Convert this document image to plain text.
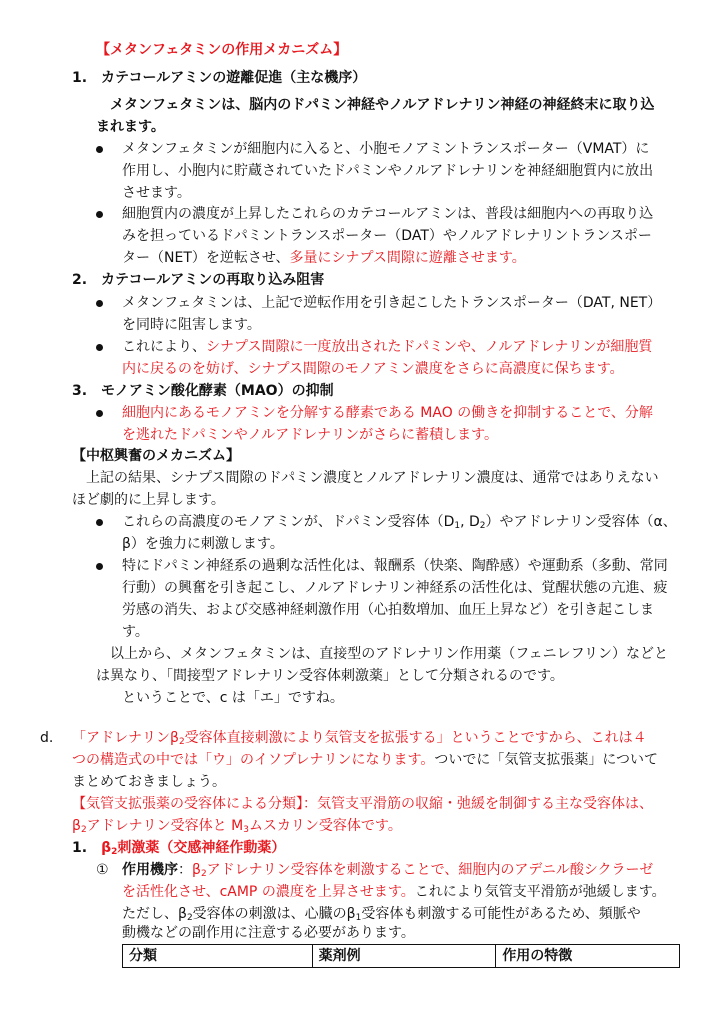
【メタンフェタミンの作用メカニズム】
1.　カテコールアミンの遊離促進（主な機序）
メタンフェタミンは、脳内のドパミン神経やノルアドレナリン神経の神経終末に取り込
まれます。
メタンフェタミンが細胞内に入ると、小胞モノアミントランスポーター（VMAT）に
作用し、小胞内に貯蔵されていたドパミンやノルアドレナリンを神経細胞質内に放出
させます。
細胞質内の濃度が上昇したこれらのカテコールアミンは、普段は細胞内への再取り込
みを担っているドパミントランスポーター（DAT）やノルアドレナリントランスポー
ター（NET）を逆転させ、多量にシナプス間隙に遊離させます。
2.　カテコールアミンの再取り込み阻害
メタンフェタミンは、上記で逆転作用を引き起こしたトランスポーター（DAT, NET）
を同時に阻害します。
これにより、シナプス間隙に一度放出されたドパミンや、ノルアドレナリンが細胞質
内に戻るのを妨げ、シナプス間隙のモノアミン濃度をさらに高濃度に保ちます。
3.　モノアミン酸化酵素（MAO）の抑制
細胞内にあるモノアミンを分解する酵素である MAO の働きを抑制することで、分解
を逃れたドパミンやノルアドレナリンがさらに蓄積します。
【中枢興奮のメカニズム】
上記の結果、シナプス間隙のドパミン濃度とノルアドレナリン濃度は、通常ではありえない
ほど劇的に上昇します。
これらの高濃度のモノアミンが、ドパミン受容体（$D_1$, $D_2$）やアドレナリン受容体（α、
β）を強力に刺激します。
特にドパミン神経系の過剰な活性化は、報酬系（快楽、陶酔感）や運動系（多動、常同
行動）の興奮を引き起こし、ノルアドレナリン神経系の活性化は、覚醒状態の亢進、疲
労感の消失、および交感神経刺激作用（心拍数増加、血圧上昇など）を引き起こしま
す。
以上から、メタンフェタミンは、直接型のアドレナリン作用薬（フェニレフリン）などと
は異なり、「間接型アドレナリン受容体刺激薬」として分類されるのです。
ということで、c は「エ」ですね。
d. 「アドレナリン$\beta_2$受容体直接刺激により気管支を拡張する」ということですから、これは４
つの構造式の中では「ウ」のイソプレナリンになります。ついでに「気管支拡張薬」について
まとめておきましょう。
【気管支拡張薬の受容体による分類】：気管支平滑筋の収縮・弛緩を制御する主な受容体は、
$\beta_2$アドレナリン受容体と $M_3$ムスカリン受容体です。
1.　$\beta_2$刺激薬（交感神経作動薬）
① 作用機序：$\beta_2$アドレナリン受容体を刺激することで、細胞内のアデニル酸シクラーゼ
を活性化させ、cAMP の濃度を上昇させます。これにより気管支平滑筋が弛緩します。
ただし、$\beta_2$受容体の刺激は、心臓の$\beta_1$受容体も刺激する可能性があるため、頻脈や
動機などの副作用に注意する必要があります。
分類	薬剤例	作用の特徴
